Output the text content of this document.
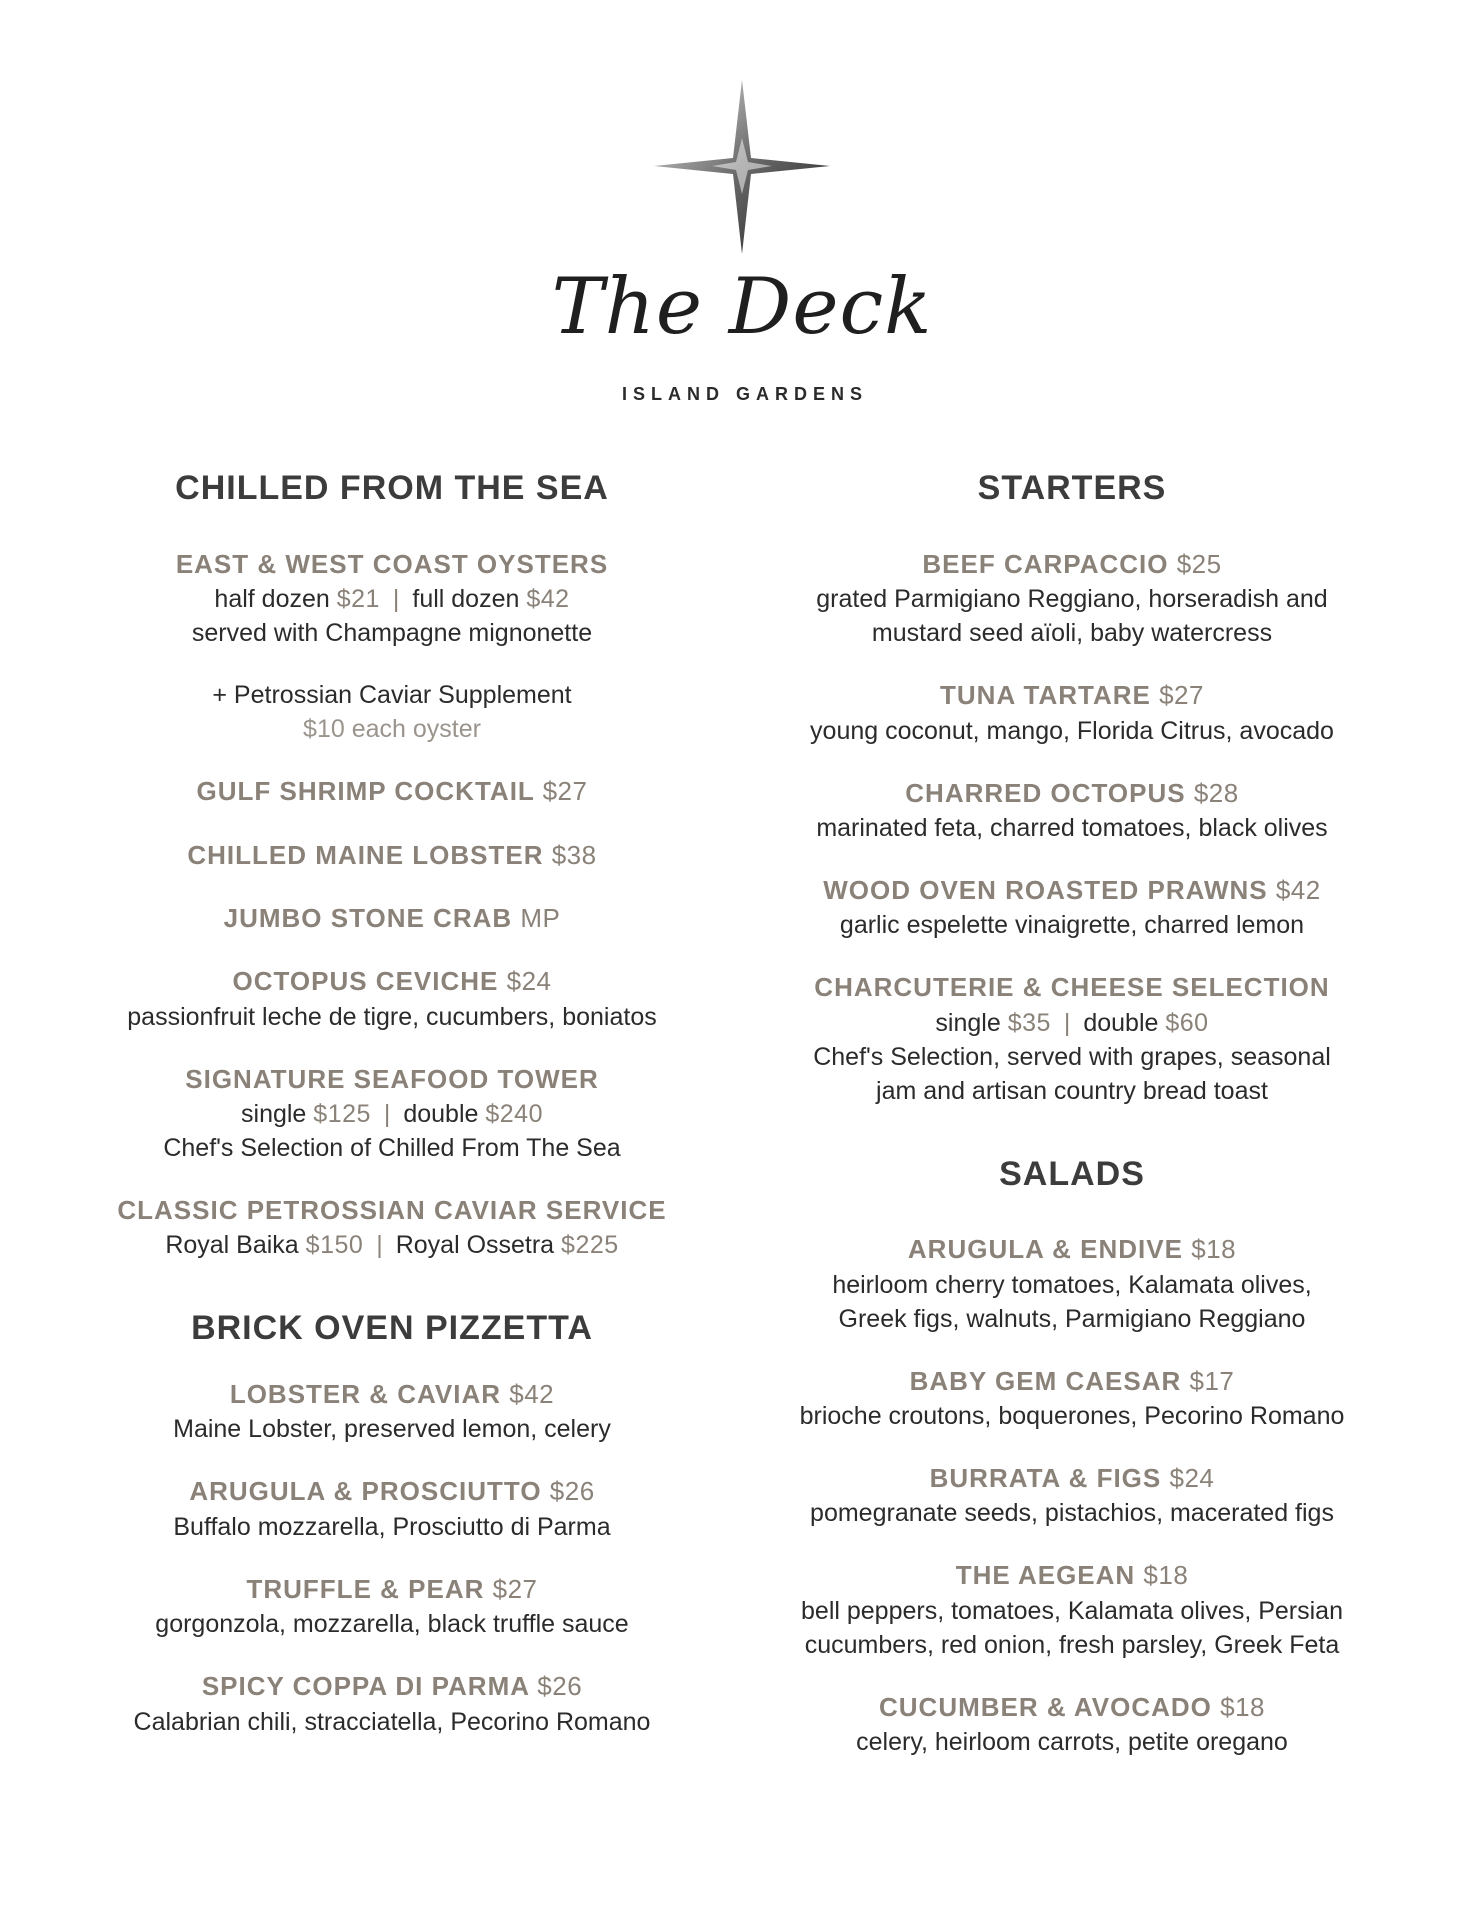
The Deck
ISLAND GARDENS
CHILLED FROM THE SEA
EAST & WEST COAST OYSTERS
half dozen $21 | full dozen $42
served with Champagne mignonette
+ Petrossian Caviar Supplement
$10 each oyster
GULF SHRIMP COCKTAIL $27
CHILLED MAINE LOBSTER $38
JUMBO STONE CRAB MP
OCTOPUS CEVICHE $24
passionfruit leche de tigre, cucumbers, boniatos
SIGNATURE SEAFOOD TOWER
single $125 | double $240
Chef's Selection of Chilled From The Sea
CLASSIC PETROSSIAN CAVIAR SERVICE
Royal Baika $150 | Royal Ossetra $225
BRICK OVEN PIZZETTA
LOBSTER & CAVIAR $42
Maine Lobster, preserved lemon, celery
ARUGULA & PROSCIUTTO $26
Buffalo mozzarella, Prosciutto di Parma
TRUFFLE & PEAR $27
gorgonzola, mozzarella, black truffle sauce
SPICY COPPA DI PARMA $26
Calabrian chili, stracciatella, Pecorino Romano
STARTERS
BEEF CARPACCIO $25
grated Parmigiano Reggiano, horseradish and
mustard seed aïoli, baby watercress
TUNA TARTARE $27
young coconut, mango, Florida Citrus, avocado
CHARRED OCTOPUS $28
marinated feta, charred tomatoes, black olives
WOOD OVEN ROASTED PRAWNS $42
garlic espelette vinaigrette, charred lemon
CHARCUTERIE & CHEESE SELECTION
single $35 | double $60
Chef's Selection, served with grapes, seasonal
jam and artisan country bread toast
SALADS
ARUGULA & ENDIVE $18
heirloom cherry tomatoes, Kalamata olives,
Greek figs, walnuts, Parmigiano Reggiano
BABY GEM CAESAR $17
brioche croutons, boquerones, Pecorino Romano
BURRATA & FIGS $24
pomegranate seeds, pistachios, macerated figs
THE AEGEAN $18
bell peppers, tomatoes, Kalamata olives, Persian
cucumbers, red onion, fresh parsley, Greek Feta
CUCUMBER & AVOCADO $18
celery, heirloom carrots, petite oregano
